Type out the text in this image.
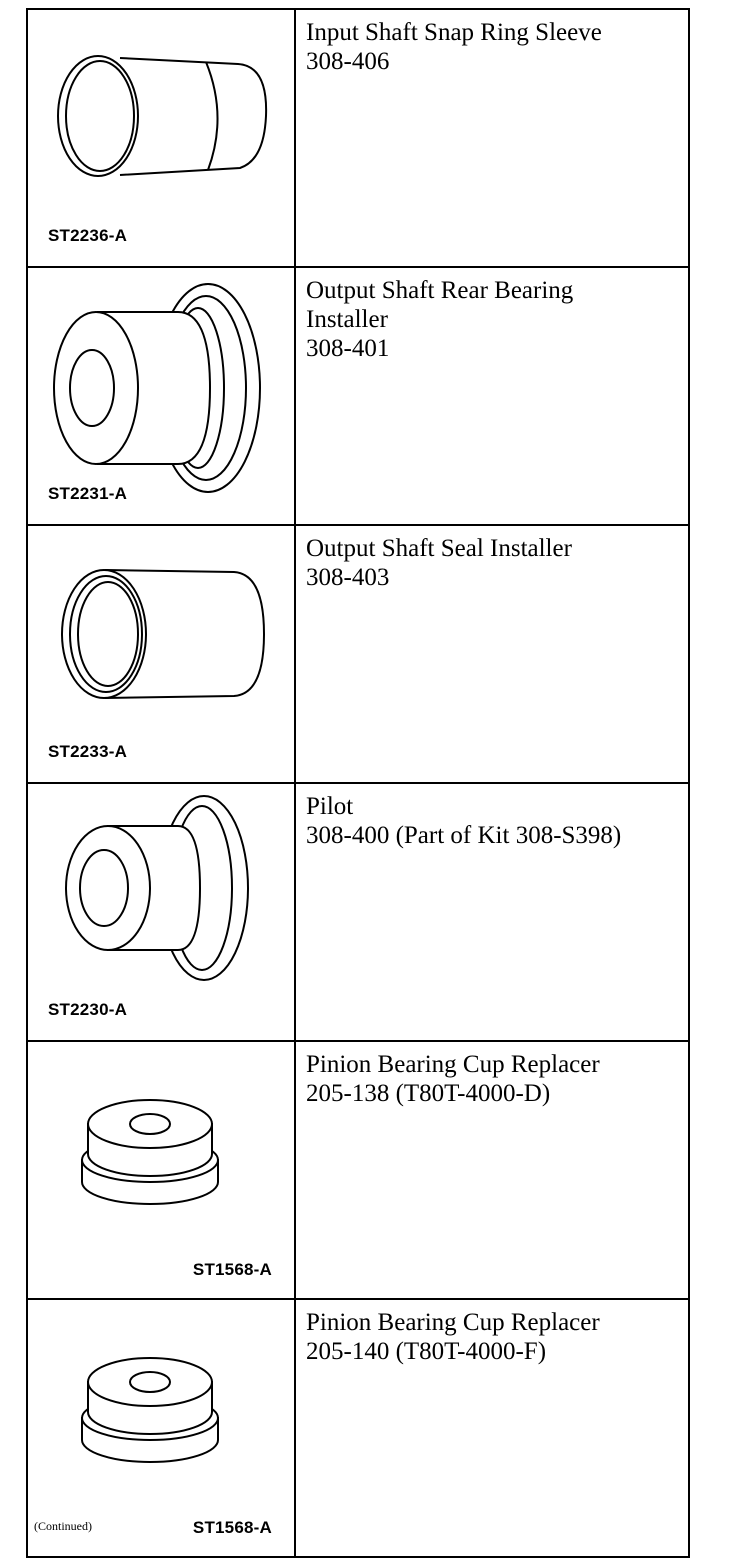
ST2236-A	Input Shaft Snap Ring Sleeve
308-406

ST2231-A	Output Shaft Rear Bearing
Installer
308-401

ST2233-A	Output Shaft Seal Installer
308-403

ST2230-A	Pilot
308-400 (Part of Kit 308-S398)

ST1568-A	Pinion Bearing Cup Replacer
205-138 (T80T-4000-D)

ST1568-A	Pinion Bearing Cup Replacer
205-140 (T80T-4000-F)
(Continued)
